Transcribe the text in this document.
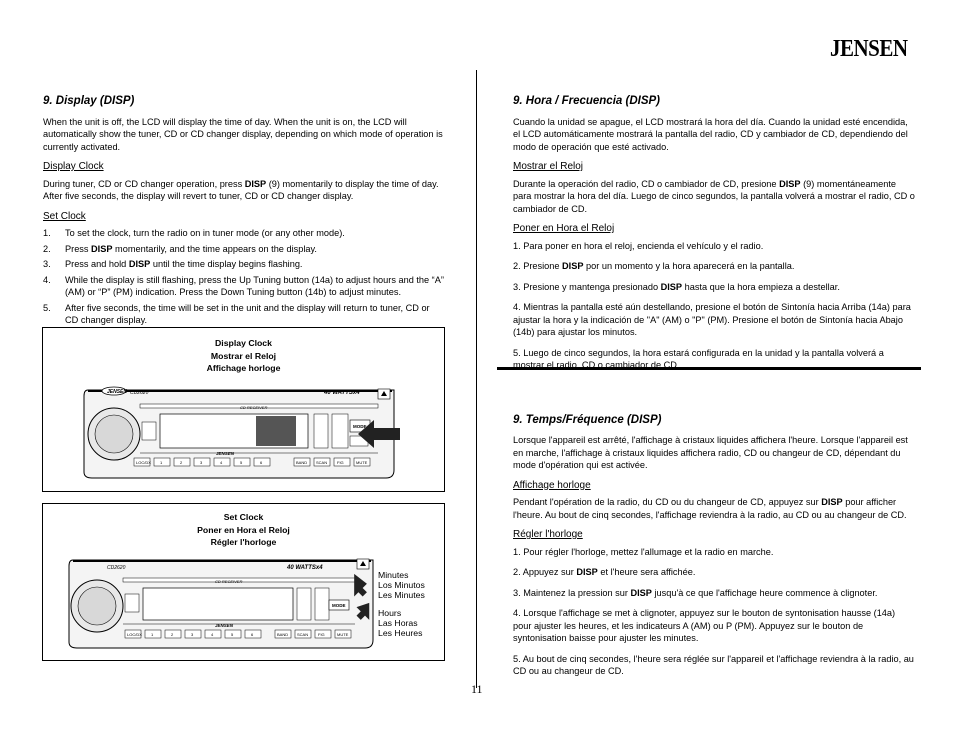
JENSEN
9. Display (DISP)

When the unit is off, the LCD will display the time of day. When the unit is on, the LCD will automatically show the tuner, CD or CD changer display, depending on which mode of operation is currently activated.

Display Clock

During tuner, CD or CD changer operation, press DISP (9) momentarily to display the time of day. After five seconds, the display will revert to tuner, CD or CD changer display.

Set Clock
1.	To set the clock, turn the radio on in tuner mode (or any other mode).
2.	Press DISP momentarily, and the time appears on the display.
3.	Press and hold DISP until the time display begins flashing.
4.	While the display is still flashing, press the Up Tuning button (14a) to adjust hours and the “A” (AM) or “P” (PM) indication. Press the Down Tuning button (14b) to adjust minutes.
5.	After five seconds, the time will be set in the unit and the display will return to tuner, CD or CD changer display.
Display Clock
Mostrar el Reloj
Affichage horloge
JENSEN CD2620	40 WATTSx4
CD RECEIVER
MODE
JENSEN
LOC/DX 1	2	3	4	5	6	BAND SCAN FIG	MUTE
Set Clock
Poner en Hora el Reloj
Régler l'horloge
CD2620	40 WATTSx4
CD RECEIVER
MODE
JENSEN
LOC/DX 1	2	3	4	5	6	BAND SCAN FIG	MUTE
Minutes
Los Minutos
Les Minutes
Hours
Las Horas
Les Heures
9. Hora / Frecuencia (DISP)

Cuando la unidad se apague, el LCD mostrará la hora del día. Cuando la unidad esté encendida, el LCD automáticamente mostrará la pantalla del radio, CD y cambiador de CD, dependiendo del modo de operación que esté activado.

Mostrar el Reloj

Durante la operación del radio, CD o cambiador de CD, presione DISP (9) momentáneamente para mostrar la hora del día. Luego de cinco segundos, la pantalla volverá a mostrar el radio, CD o cambiador de CD.

Poner en Hora el Reloj

1. Para poner en hora el reloj, encienda el vehículo y el radio.

2. Presione DISP por un momento y la hora aparecerá en la pantalla.

3. Presione y mantenga presionado DISP hasta que la hora empieza a destellar.

4. Mientras la pantalla esté aún destellando, presione el botón de Sintonía hacia Arriba (14a) para ajustar la hora y la indicación de "A" (AM) o "P" (PM). Presione el botón de Sintonía hacia Abajo (14b) para ajustar los minutos.

5. Luego de cinco segundos, la hora estará configurada en la unidad y la pantalla volverá a mostrar el radio, CD o cambiador de CD.

9. Temps/Fréquence (DISP)

Lorsque l'appareil est arrêté, l'affichage à cristaux liquides affichera l'heure. Lorsque l'appareil est en marche, l'affichage à cristaux liquides affichera radio, CD ou changeur de CD, dépendant du mode d'opération qui est activée.

Affichage horloge

Pendant l'opération de la radio, du CD ou du changeur de CD, appuyez sur DISP pour afficher l'heure. Au bout de cinq secondes, l'affichage reviendra à la radio, au CD ou au changeur de CD.

Régler l'horloge

1. Pour régler l'horloge, mettez l'allumage et la radio en marche.

2. Appuyez sur DISP et l'heure sera affichée.

3. Maintenez la pression sur DISP jusqu'à ce que l'affichage heure commence à clignoter.

4. Lorsque l'affichage se met à clignoter, appuyez sur le bouton de syntonisation hausse (14a) pour ajuster les heures, et les indicateurs A (AM) ou P (PM). Appuyez sur le bouton de syntonisation baisse pour ajuster les minutes.

5. Au bout de cinq secondes, l'heure sera réglée sur l'appareil et l'affichage reviendra à la radio, au CD ou au changeur de CD.

11
